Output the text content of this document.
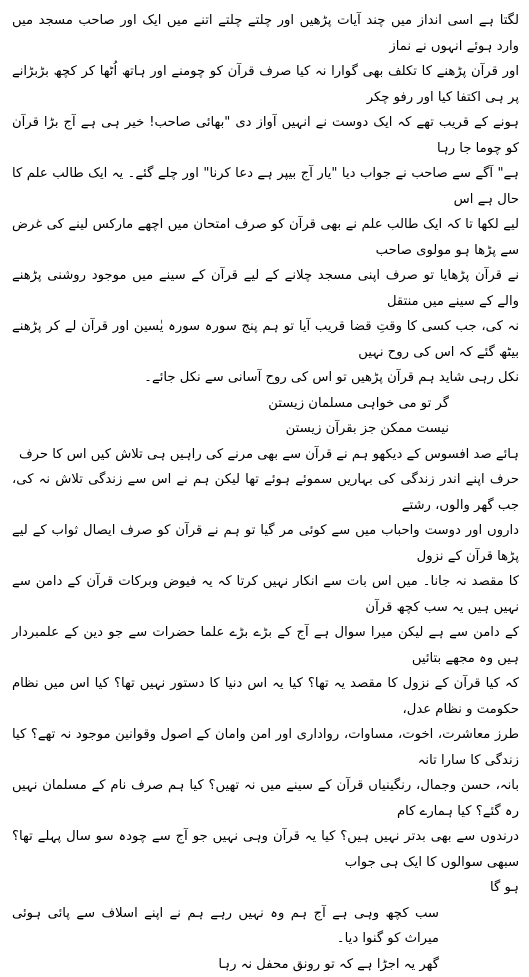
لگتا ہے اسی انداز میں چند آیات پڑھیں اور چلتے چلتے اتنے میں ایک اور صاحب مسجد میں وارد ہوئے انہوں نے نماز
اور قرآن پڑھنے کا تکلف بھی گوارا نہ کیا صرف قرآن کو چومنے اور ہاتھ اُٹھا کر کچھ بڑبڑانے پر ہی اکتفا کیا اور رفو چکر
ہونے کے قریب تھے کہ ایک دوست نے انہیں آواز دی "بھائی صاحب! خیر ہی ہے آج بڑا قرآن کو چوما جا رہا
ہے" آگے سے صاحب نے جواب دیا "یار آج بیپر ہے دعا کرنا" اور چلے گئے۔ یہ ایک طالب علم کا حال ہے اس
لیے لکھا تا کہ ایک طالب علم نے بھی قرآن کو صرف امتحان میں اچھے مارکس لینے کی غرض سے پڑھا ہو مولوی صاحب
نے قرآن پڑھایا تو صرف اپنی مسجد چلانے کے لیے قرآن کے سینے میں موجود روشنی پڑھنے والے کے سینے میں منتقل
نہ کی، جب کسی کا وقتِ قضا قریب آیا تو ہم پنج سورہ سورہ یٰسین اور قرآن لے کر پڑھنے بیٹھ گئے کہ اس کی روح نہیں
نکل رہی شاید ہم قرآن پڑھیں تو اس کی روح آسانی سے نکل جائے۔

گر تو می خواہی مسلمان زیستن
نیست ممکن جز بقرآن زیستن

ہائے صد افسوس کے دیکھو ہم نے قرآن سے بھی مرنے کی راہیں ہی تلاش کیں اس کا حرف
حرف اپنے اندر زندگی کی بہاریں سموئے ہوئے تھا لیکن ہم نے اس سے زندگی تلاش نہ کی، جب گھر والوں، رشتے
داروں اور دوست واحباب میں سے کوئی مر گیا تو ہم نے قرآن کو صرف ایصال ثواب کے لیے پڑھا قرآن کے نزول
کا مقصد نہ جانا۔ میں اس بات سے انکار نہیں کرتا کہ یہ فیوض وبرکات قرآن کے دامن سے نہیں ہیں یہ سب کچھ قرآن
کے دامن سے ہے لیکن میرا سوال ہے آج کے بڑے بڑے علما حضرات سے جو دین کے علمبردار ہیں وہ مجھے بتائیں
کہ کیا قرآن کے نزول کا مقصد یہ تھا؟ کیا یہ اس دنیا کا دستور نہیں تھا؟ کیا اس میں نظام حکومت و نظام عدل،
طرز معاشرت، اخوت، مساوات، رواداری اور امن وامان کے اصول وقوانین موجود نہ تھے؟ کیا زندگی کا سارا تانہ
بانہ، حسن وجمال، رنگینیاں قرآن کے سینے میں نہ تھیں؟ کیا ہم صرف نام کے مسلمان نہیں رہ گئے؟ کیا ہمارے کام
درندوں سے بھی بدتر نہیں ہیں؟ کیا یہ قرآن وہی نہیں جو آج سے چودہ سو سال پہلے تھا؟ سبھی سوالوں کا ایک ہی جواب
ہو گا

سب کچھ وہی ہے آج ہم وہ نہیں رہے ہم نے اپنے اسلاف سے پائی ہوئی میراث کو گنوا دیا۔
گھر یہ اجڑا ہے کہ تو رونق محفل نہ رہا
